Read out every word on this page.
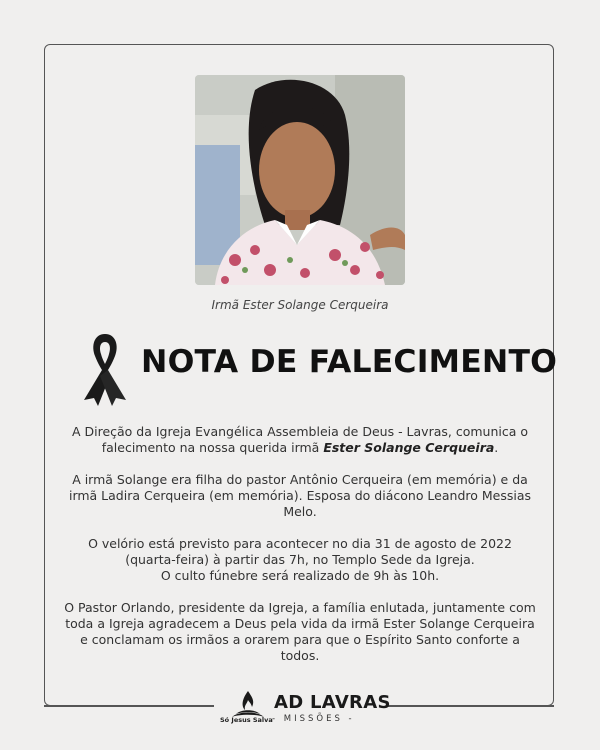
Irmã Ester Solange Cerqueira
NOTA DE FALECIMENTO

A Direção da Igreja Evangélica Assembleia de Deus - Lavras, comunica o falecimento na nossa querida irmã Ester Solange Cerqueira.

A irmã Solange era filha do pastor Antônio Cerqueira (em memória) e da irmã Ladira Cerqueira (em memória). Esposa do diácono Leandro Messias Melo.

O velório está previsto para acontecer no dia 31 de agosto de 2022
(quarta-feira) à partir das 7h, no Templo Sede da Igreja.
O culto fúnebre será realizado de 9h às 10h.

O Pastor Orlando, presidente da Igreja, a família enlutada, juntamente com toda a Igreja agradecem a Deus pela vida da irmã Ester Solange Cerqueira e conclamam os irmãos a orarem para que o Espírito Santo conforte a todos.

Só Jesus Salva
AD LAVRAS
- MISSÕES -
